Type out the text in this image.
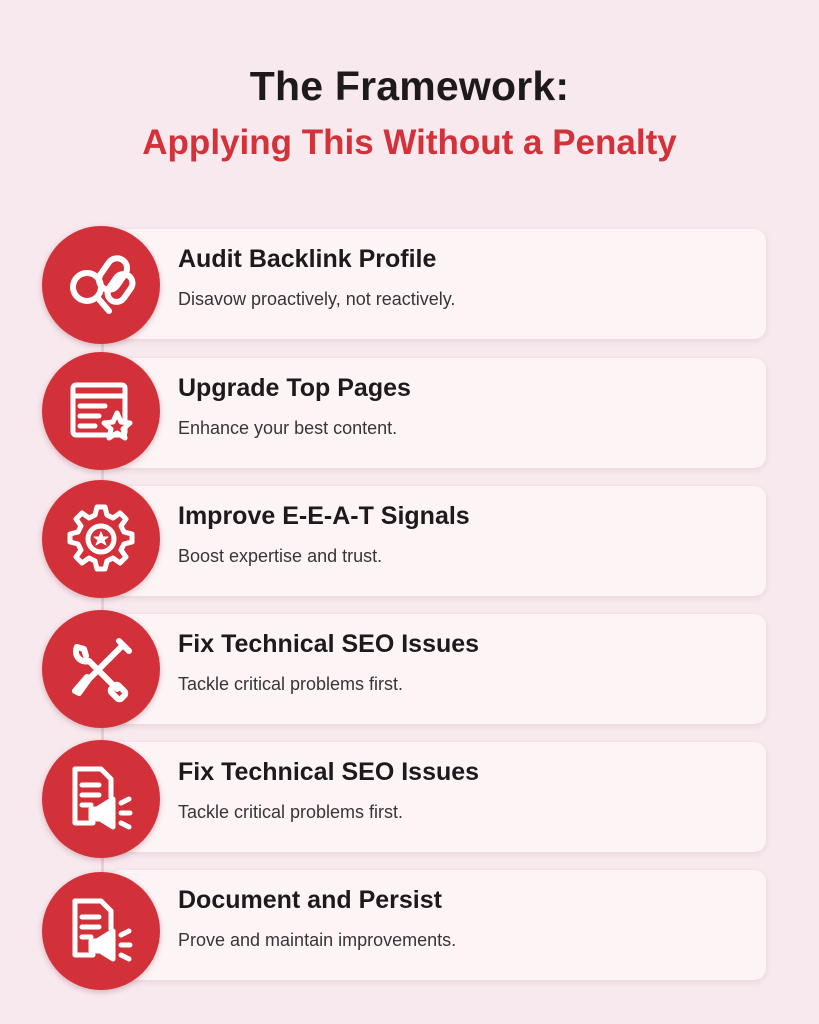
The Framework:
Applying This Without a Penalty
Audit Backlink Profile
Disavow proactively, not reactively.
Upgrade Top Pages
Enhance your best content.
Improve E-E-A-T Signals
Boost expertise and trust.
Fix Technical SEO Issues
Tackle critical problems first.
Fix Technical SEO Issues
Tackle critical problems first.
Document and Persist
Prove and maintain improvements.
